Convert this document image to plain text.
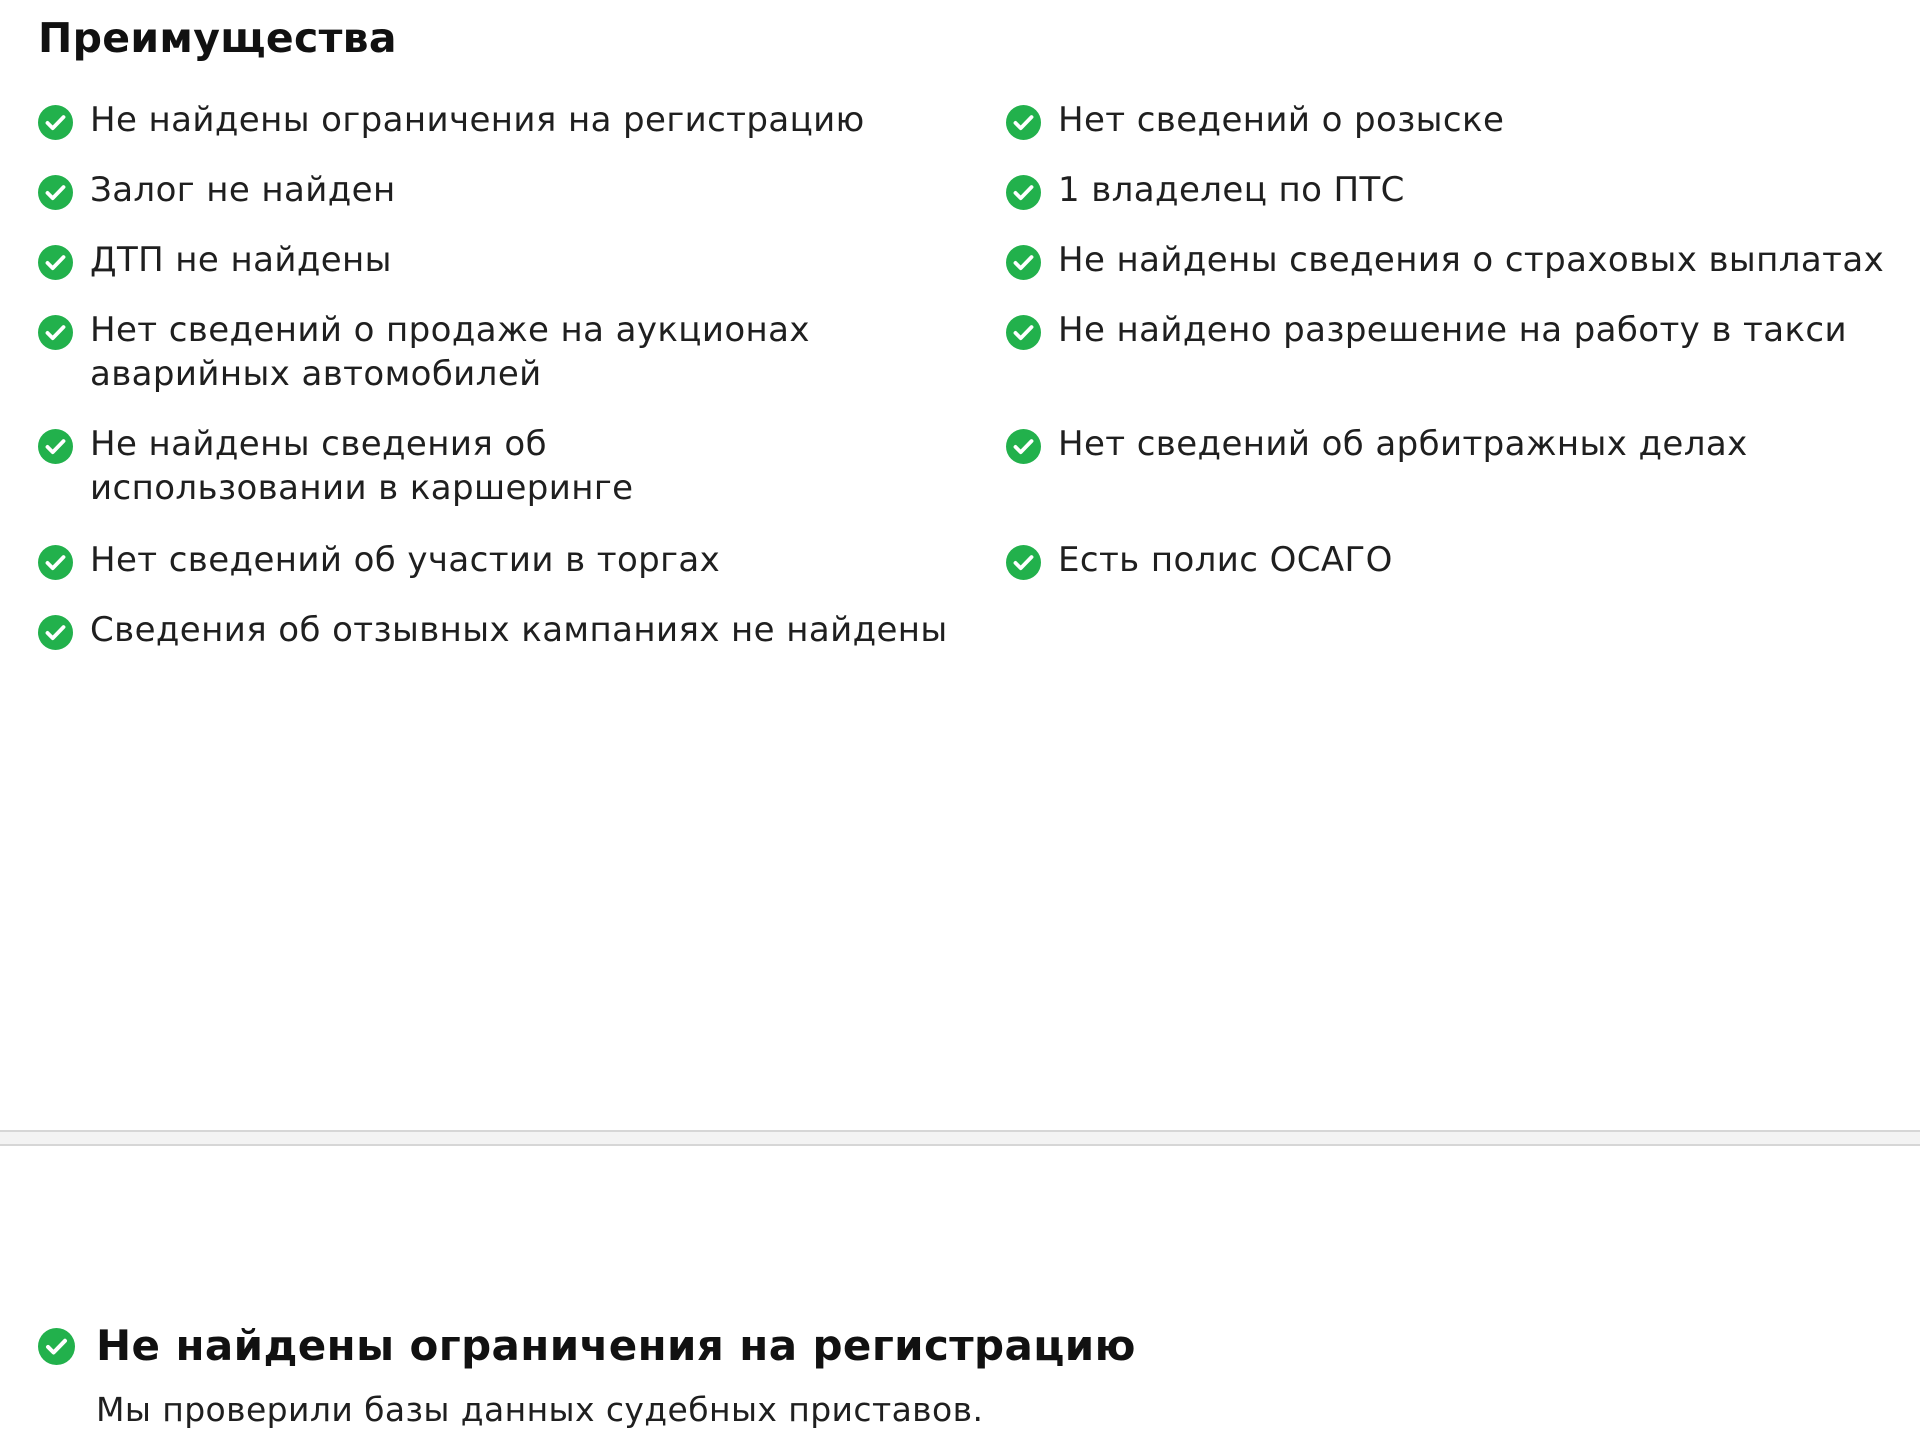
Преимущества
Не найдены ограничения на регистрацию
Залог не найден
ДТП не найдены
Нет сведений о продаже на аукционах аварийных автомобилей
Не найдены сведения об использовании в каршеринге
Нет сведений об участии в торгах
Сведения об отзывных кампаниях не найдены
Нет сведений о розыске
1 владелец по ПТС
Не найдены сведения о страховых выплатах
Не найдено разрешение на работу в такси
Нет сведений об арбитражных делах
Есть полис ОСАГО
Не найдены ограничения на регистрацию

Мы проверили базы данных судебных приставов.
